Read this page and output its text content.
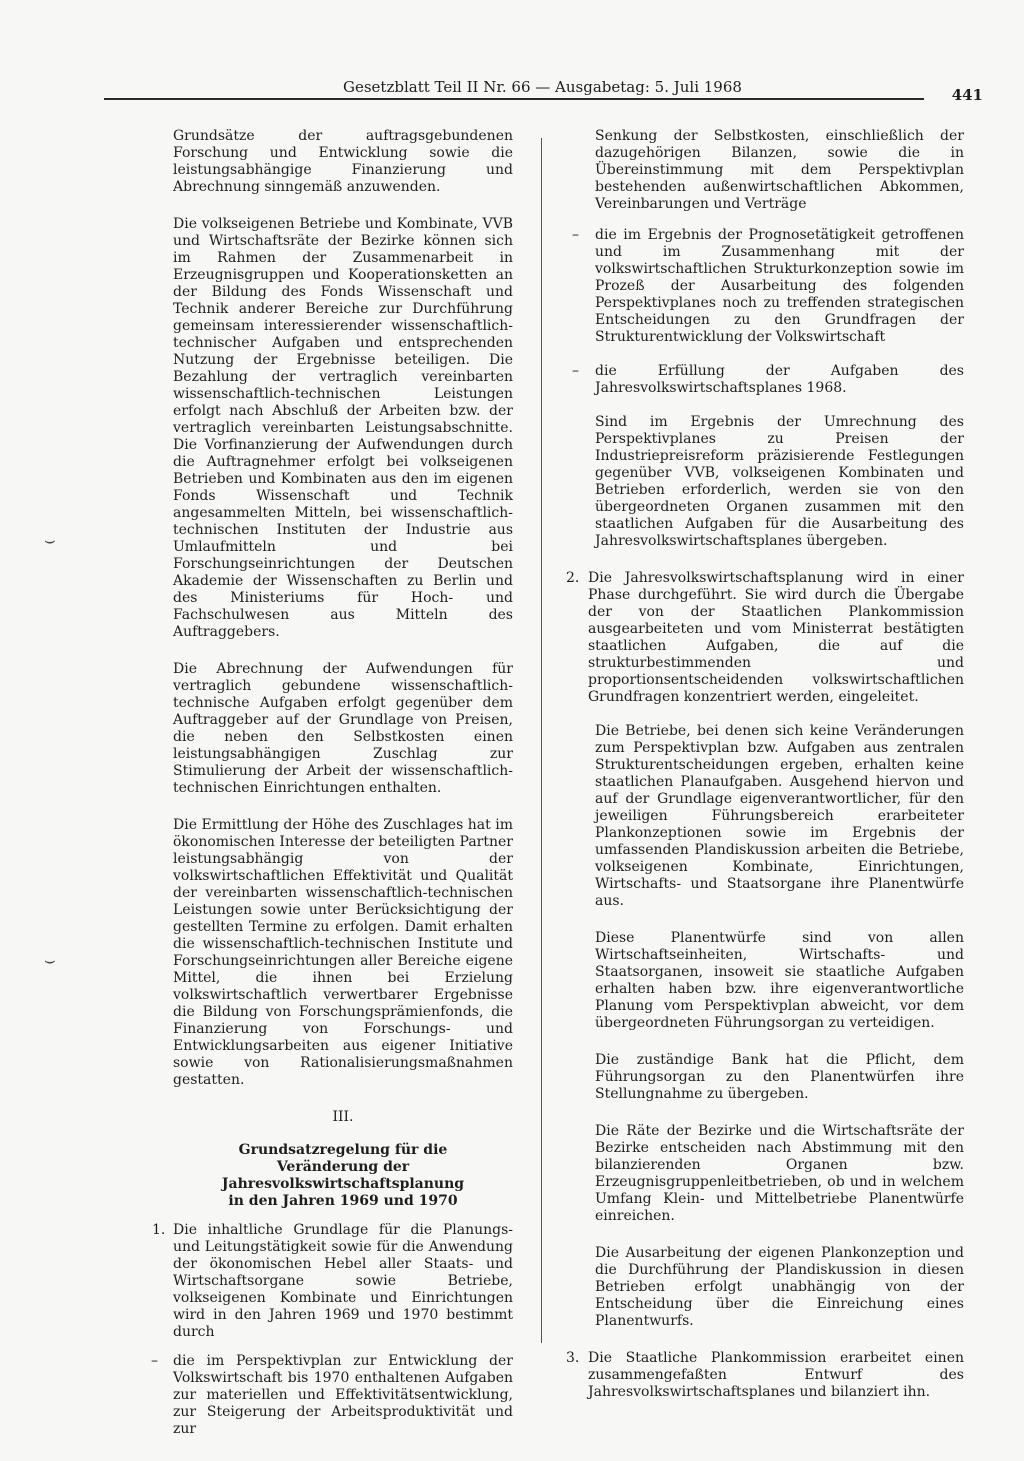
Gesetzblatt Teil II Nr. 66 — Ausgabetag: 5. Juli 1968	441
⌣
⌣

Grundsätze der auftragsgebundenen Forschung und Entwicklung sowie die leistungsabhängige Finanzierung und Abrechnung sinngemäß anzuwenden.

Die volkseigenen Betriebe und Kombinate, VVB und Wirtschaftsräte der Bezirke können sich im Rahmen der Zusammenarbeit in Erzeugnisgruppen und Kooperationsketten an der Bildung des Fonds Wissenschaft und Technik anderer Bereiche zur Durchführung gemeinsam interessierender wissenschaftlich-technischer Aufgaben und entsprechenden Nutzung der Ergebnisse beteiligen. Die Bezahlung der vertraglich vereinbarten wissenschaftlich-technischen Leistungen erfolgt nach Abschluß der Arbeiten bzw. der vertraglich vereinbarten Leistungsabschnitte. Die Vorfinanzierung der Aufwendungen durch die Auftragnehmer erfolgt bei volkseigenen Betrieben und Kombinaten aus den im eigenen Fonds Wissenschaft und Technik angesammelten Mitteln, bei wissenschaftlich-technischen Instituten der Industrie aus Umlaufmitteln und bei Forschungseinrichtungen der Deutschen Akademie der Wissenschaften zu Berlin und des Ministeriums für Hoch- und Fachschulwesen aus Mitteln des Auftraggebers.

Die Abrechnung der Aufwendungen für vertraglich gebundene wissenschaftlich-technische Aufgaben erfolgt gegenüber dem Auftraggeber auf der Grundlage von Preisen, die neben den Selbstkosten einen leistungsabhängigen Zuschlag zur Stimulierung der Arbeit der wissenschaftlich-technischen Einrichtungen enthalten.

Die Ermittlung der Höhe des Zuschlages hat im ökonomischen Interesse der beteiligten Partner leistungsabhängig von der volkswirtschaftlichen Effektivität und Qualität der vereinbarten wissenschaftlich-technischen Leistungen sowie unter Berücksichtigung der gestellten Termine zu erfolgen. Damit erhalten die wissenschaftlich-technischen Institute und Forschungseinrichtungen aller Bereiche eigene Mittel, die ihnen bei Erzielung volkswirtschaftlich verwertbarer Ergebnisse die Bildung von Forschungsprämienfonds, die Finanzierung von Forschungs- und Entwicklungsarbeiten aus eigener Initiative sowie von Rationalisierungsmaßnahmen gestatten.

III.
Grundsatzregelung für die Veränderung der Jahresvolkswirtschaftsplanung in den Jahren 1969 und 1970
1. Die inhaltliche Grundlage für die Planungs- und Leitungstätigkeit sowie für die Anwendung der ökonomischen Hebel aller Staats- und Wirtschaftsorgane sowie Betriebe, volkseigenen Kombinate und Einrichtungen wird in den Jahren 1969 und 1970 bestimmt durch

– die im Perspektivplan zur Entwicklung der Volkswirtschaft bis 1970 enthaltenen Aufgaben zur materiellen und Effektivitätsentwicklung, zur Steigerung der Arbeitsproduktivität und zur

Senkung der Selbstkosten, einschließlich der dazugehörigen Bilanzen, sowie die in Übereinstimmung mit dem Perspektivplan bestehenden außenwirtschaftlichen Abkommen, Vereinbarungen und Verträge

– die im Ergebnis der Prognosetätigkeit getroffenen und im Zusammenhang mit der volkswirtschaftlichen Strukturkonzeption sowie im Prozeß der Ausarbeitung des folgenden Perspektivplanes noch zu treffenden strategischen Entscheidungen zu den Grundfragen der Strukturentwicklung der Volkswirtschaft
– die Erfüllung der Aufgaben des Jahresvolkswirtschaftsplanes 1968.

Sind im Ergebnis der Umrechnung des Perspektivplanes zu Preisen der Industriepreisreform präzisierende Festlegungen gegenüber VVB, volkseigenen Kombinaten und Betrieben erforderlich, werden sie von den übergeordneten Organen zusammen mit den staatlichen Aufgaben für die Ausarbeitung des Jahresvolkswirtschaftsplanes übergeben.

2. Die Jahresvolkswirtschaftsplanung wird in einer Phase durchgeführt. Sie wird durch die Übergabe der von der Staatlichen Plankommission ausgearbeiteten und vom Ministerrat bestätigten staatlichen Aufgaben, die auf die strukturbestimmenden und proportionsentscheidenden volkswirtschaftlichen Grundfragen konzentriert werden, eingeleitet.

Die Betriebe, bei denen sich keine Veränderungen zum Perspektivplan bzw. Aufgaben aus zentralen Strukturentscheidungen ergeben, erhalten keine staatlichen Planaufgaben. Ausgehend hiervon und auf der Grundlage eigenverantwortlicher, für den jeweiligen Führungsbereich erarbeiteter Plankonzeptionen sowie im Ergebnis der umfassenden Plandiskussion arbeiten die Betriebe, volkseigenen Kombinate, Einrichtungen, Wirtschafts- und Staatsorgane ihre Planentwürfe aus.

Diese Planentwürfe sind von allen Wirtschaftseinheiten, Wirtschafts- und Staatsorganen, insoweit sie staatliche Aufgaben erhalten haben bzw. ihre eigenverantwortliche Planung vom Perspektivplan abweicht, vor dem übergeordneten Führungsorgan zu verteidigen.

Die zuständige Bank hat die Pflicht, dem Führungsorgan zu den Planentwürfen ihre Stellungnahme zu übergeben.

Die Räte der Bezirke und die Wirtschaftsräte der Bezirke entscheiden nach Abstimmung mit den bilanzierenden Organen bzw. Erzeugnisgruppenleitbetrieben, ob und in welchem Umfang Klein- und Mittelbetriebe Planentwürfe einreichen.

Die Ausarbeitung der eigenen Plankonzeption und die Durchführung der Plandiskussion in diesen Betrieben erfolgt unabhängig von der Entscheidung über die Einreichung eines Planentwurfs.

3. Die Staatliche Plankommission erarbeitet einen zusammengefaßten Entwurf des Jahresvolkswirtschaftsplanes und bilanziert ihn.
